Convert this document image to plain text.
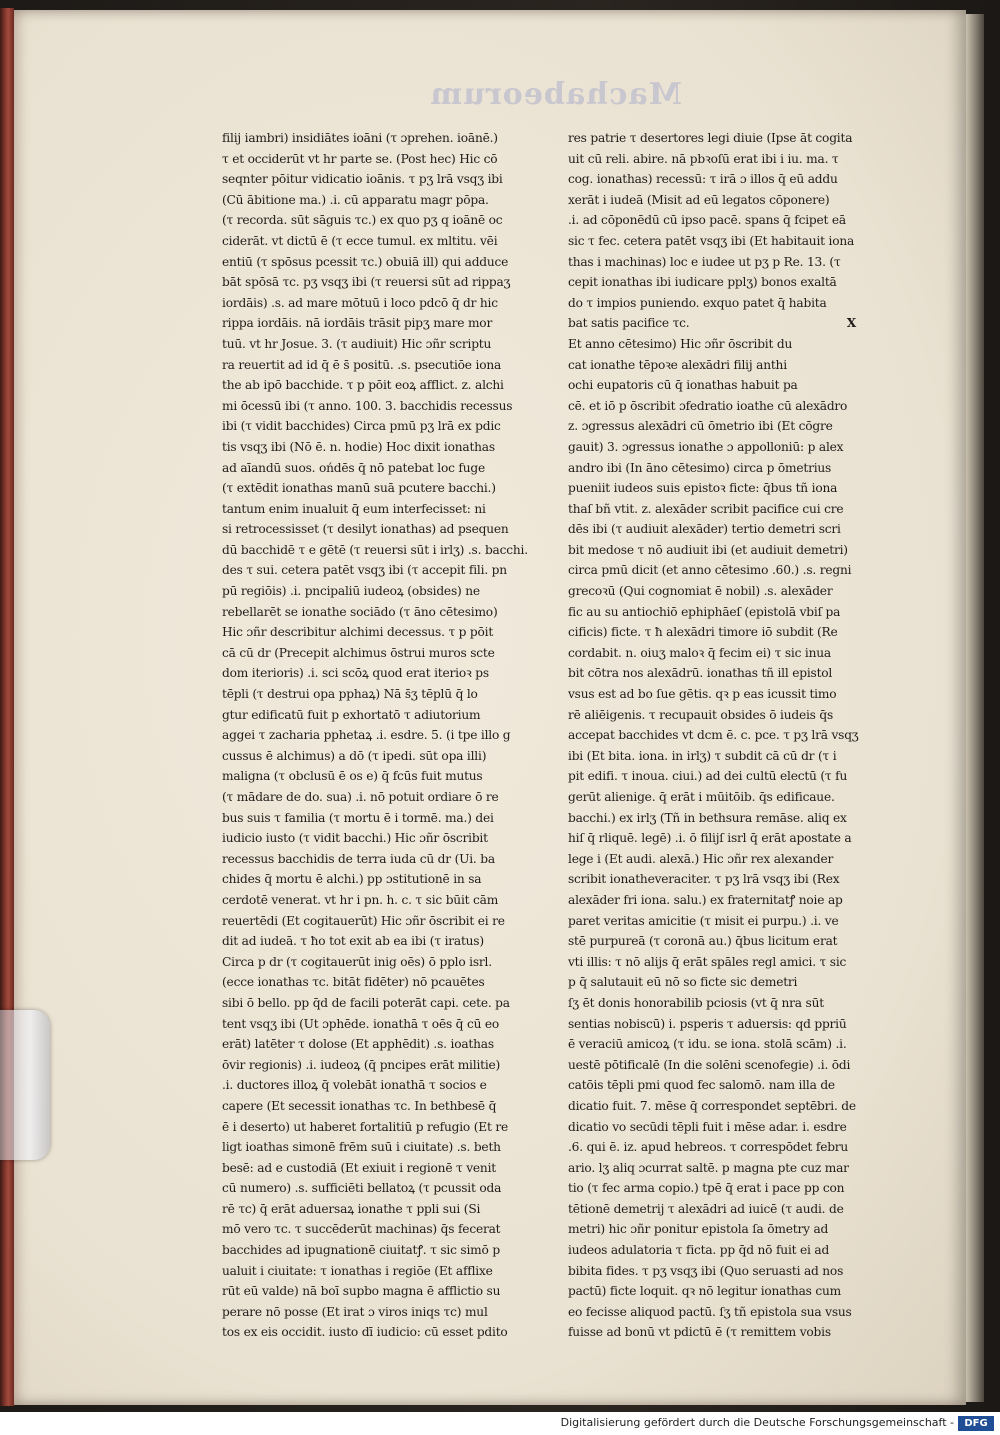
Machabeorum
filij iambri) insidiātes ioāni (τ ɔprehen. ioānē.)
τ et occiderūt vt hr parte se. (Post hec) Hic cō
seqnter pōitur vidicatio ioānis. τ pʒ lrā vsqʒ ibi
(Cū ābitione ma.) .i. cū apparatu magr pōpa.
(τ recorda. sūt sāguis τc.) ex quo pʒ q ioānē oc
ciderāt. vt dictū ē (τ ecce tumul. ex mltitu. vēi
entiū (τ spōsus pcessit τc.) obuiā ill) qui adduce
bāt spōsā τc. pʒ vsqʒ ibi (τ reuersi sūt ad rippaʒ
iordāis) .s. ad mare mōtuū i loco pdcō q̄ dr hic
rippa iordāis. nā iordāis trāsit pipʒ mare mor
tuū. vt hr Josue. 3. (τ audiuit) Hic ɔñr scriptu
ra reuertit ad id q̄ ē s̄ positū. .s. psecutiōe iona
the ab ipō bacchide. τ p pōit eoꝝ afflict. z. alchi
mi ōcessū ibi (τ anno. 100. 3. bacchidis recessus
ibi (τ vidit bacchides) Circa pmū pʒ lrā ex pdic
tis vsqʒ ibi (Nō ē. n. hodie) Hoc dixit ionathas
ad aīandū suos. ońdēs q̄ nō patebat loc fuge
(τ extēdit ionathas manū suā pcutere bacchi.)
tantum enim inualuit q̄ eum interfecisset: ni
si retrocessisset (τ desilyt ionathas) ad psequen
dū bacchidē τ e gētē (τ reuersi sūt i irlʒ) .s. bacchi.
des τ sui. cetera patēt vsqʒ ibi (τ accepit fili. pn
pū regiōis) .i. pncipaliū iudeoꝝ (obsides) ne
rebellarēt se ionathe sociādo (τ āno cētesimo)
Hic ɔñr describitur alchimi decessus. τ p pōit
cā cū dr (Precepit alchimus ōstrui muros scte
dom iterioris) .i. sci scōꝝ quod erat iterioꝛ ps
tēpli (τ destrui opa pphaꝝ) Nā s̄ʒ tēplū q̄ lo
gtur edificatū fuit p exhortatō τ adiutorium
aggei τ zacharia pphetaꝝ .i. esdre. 5. (i tpe illo g
cussus ē alchimus) a dō (τ ipedi. sūt opa illi)
maligna (τ obclusū ē os e) q̄ fcūs fuit mutus
(τ mādare de do. sua) .i. nō potuit ordiare ō re
bus suis τ familia (τ mortu ē i tormē. ma.) dei
iudicio iusto (τ vidit bacchi.) Hic ɔñr ōscribit
recessus bacchidis de terra iuda cū dr (Ui. ba
chides q̄ mortu ē alchi.) pp ɔstitutionē in sa
cerdotē venerat. vt hr i pn. h. c. τ sic būit cām
reuertēdi (Et cogitauerūt) Hic ɔñr ōscribit ei re
dit ad iudeā. τ ħo tot exit ab ea ibi (τ iratus)
Circa p dr (τ cogitauerūt inig oēs) ō pplo isrl.
(ecce ionathas τc. bitāt fidēter) nō pcauētes
sibi ō bello. pp q̄d de facili poterāt capi. cete. pa
tent vsqʒ ibi (Ut ɔphēde. ionathā τ oēs q̄ cū eo
erāt) latēter τ dolose (Et apphēdit) .s. ioathas
ōvir regionis) .i. iudeoꝝ (q̄ pncipes erāt militie)
.i. ductores illoꝝ q̄ volebāt ionathā τ socios e
capere (Et secessit ionathas τc. In bethbesē q̄
ē i deserto) ut haberet fortalitiū p refugio (Et re
ligt ioathas simonē frēm suū i ciuitate) .s. beth
besē: ad e custodiā (Et exiuit i regionē τ venit
cū numero) .s. sufficiēti bellatoꝝ (τ pcussit oda
rē τc) q̄ erāt aduersaꝝ ionathe τ ppli sui (Si
mō vero τc. τ succēderūt machinas) q̄s fecerat
bacchides ad ipugnationē ciuitatꝭ. τ sic simō p
ualuit i ciuitate: τ ionathas i regiōe (Et afflixe
rūt eū valde) nā boī supbo magna ē afflictio su
perare nō posse (Et irat ɔ viros iniqs τc) mul
tos ex eis occidit. iusto dī iudicio: cū esset pdito
res patrie τ desertores legi diuie (Ipse āt cogita
uit cū reli. abire. nā pbꝛoſū erat ibi i iu. ma. τ
cog. ionathas) recessū: τ irā ɔ illos q̄ eū addu
xerāt i iudeā (Misit ad eū legatos cōponere)
.i. ad cōponēdū cū ipso pacē. spans q̄ fcipet eā
sic τ fec. cetera patēt vsqʒ ibi (Et habitauit iona
thas i machinas) loc e iudee ut pʒ p Re. 13. (τ
cepit ionathas ibi iudicare pplʒ) bonos exaltā
do τ impios puniendo. exquo patet q̄ habita
bat satis pacifice τc.	X
Et anno cētesimo) Hic ɔñr ōscribit du
cat ionathe tēpoꝛe alexādri filij anthi
ochi eupatoris cū q̄ ionathas habuit pa
cē. et iō p ōscribit ɔfedratio ioathe cū alexādro
z. ɔgressus alexādri cū ōmetrio ibi (Et cōgre
gauit) 3. ɔgressus ionathe ɔ appolloniū: p alex
andro ibi (In āno cētesimo) circa p ōmetrius
pueniit iudeos suis epistoꝛ ficte: q̄bus tñ iona
thaſ bñ vtit. z. alexāder scribit pacifice cui cre
dēs ibi (τ audiuit alexāder) tertio demetri scri
bit medose τ nō audiuit ibi (et audiuit demetri)
circa pmū dicit (et anno cētesimo .60.) .s. regni
grecoꝛū (Qui cognomiat ē nobil) .s. alexāder
fic au su antiochiō ephiphāeſ (epistolā vbiſ pa
cificis) ficte. τ ħ alexādri timore iō subdit (Re
cordabit. n. oiuʒ maloꝛ q̄ fecim ei) τ sic inua
bit cōtra nos alexādrū. ionathas tñ ill epistol
vsus est ad bo ſue gētis. qꝛ p eas icussit timo
rē aliēigenis. τ recupauit obsides ō iudeis q̄s
accepat bacchides vt dcm ē. c. pce. τ pʒ lrā vsqʒ
ibi (Et bita. iona. in irlʒ) τ subdit cā cū dr (τ i
pit edifi. τ inoua. ciui.) ad dei cultū electū (τ fu
gerūt alienige. q̄ erāt i mūitōib. q̄s edificaue.
bacchi.) ex irlʒ (Tñ in bethsura remāse. aliq ex
hiſ q̄ rliquē. legē) .i. ō filijſ isrl q̄ erāt apostate a
lege i (Et audi. alexā.) Hic ɔñr rex alexander
scribit ionatheveraciter. τ pʒ lrā vsqʒ ibi (Rex
alexāder fri iona. salu.) ex fraternitatꝭ noie ap
paret veritas amicitie (τ misit ei purpu.) .i. ve
stē purpureā (τ coronā au.) q̄bus licitum erat
vti illis: τ nō alijs q̄ erāt spāles regl amici. τ sic
p q̄ salutauit eū nō so ficte sic demetri
ſʒ ēt donis honorabilib pciosis (vt q̄ nra sūt
sentias nobiscū) i. psperis τ aduersis: qd ppriū
ē veraciū amicoꝝ (τ idu. se iona. stolā scām) .i.
uestē pōtificalē (In die solēni scenofegie) .i. ōdi
catōis tēpli pmi quod fec salomō. nam illa de
dicatio fuit. 7. mēse q̄ correspondet septēbri. de
dicatio vo secūdi tēpli fuit i mēse adar. i. esdre
.6. qui ē. iz. apud hebreos. τ correspōdet febru
ario. lʒ aliq ɔcurrat saltē. p magna pte cuz mar
tio (τ fec arma copio.) tpē q̄ erat i pace pp con
tētionē demetrij τ alexādri ad iuicē (τ audi. de
metri) hic ɔñr ponitur epistola ſa ōmetry ad
iudeos adulatoria τ ficta. pp q̄d nō fuit ei ad
bibita fides. τ pʒ vsqʒ ibi (Quo seruasti ad nos
pactū) ficte loquit. qꝛ nō legitur ionathas cum
eo fecisse aliquod pactū. ſʒ tñ epistola sua vsus
fuisse ad bonū vt pdictū ē (τ remittem vobis
Digitalisierung gefördert durch die Deutsche Forschungsgemeinschaft -	DFG
